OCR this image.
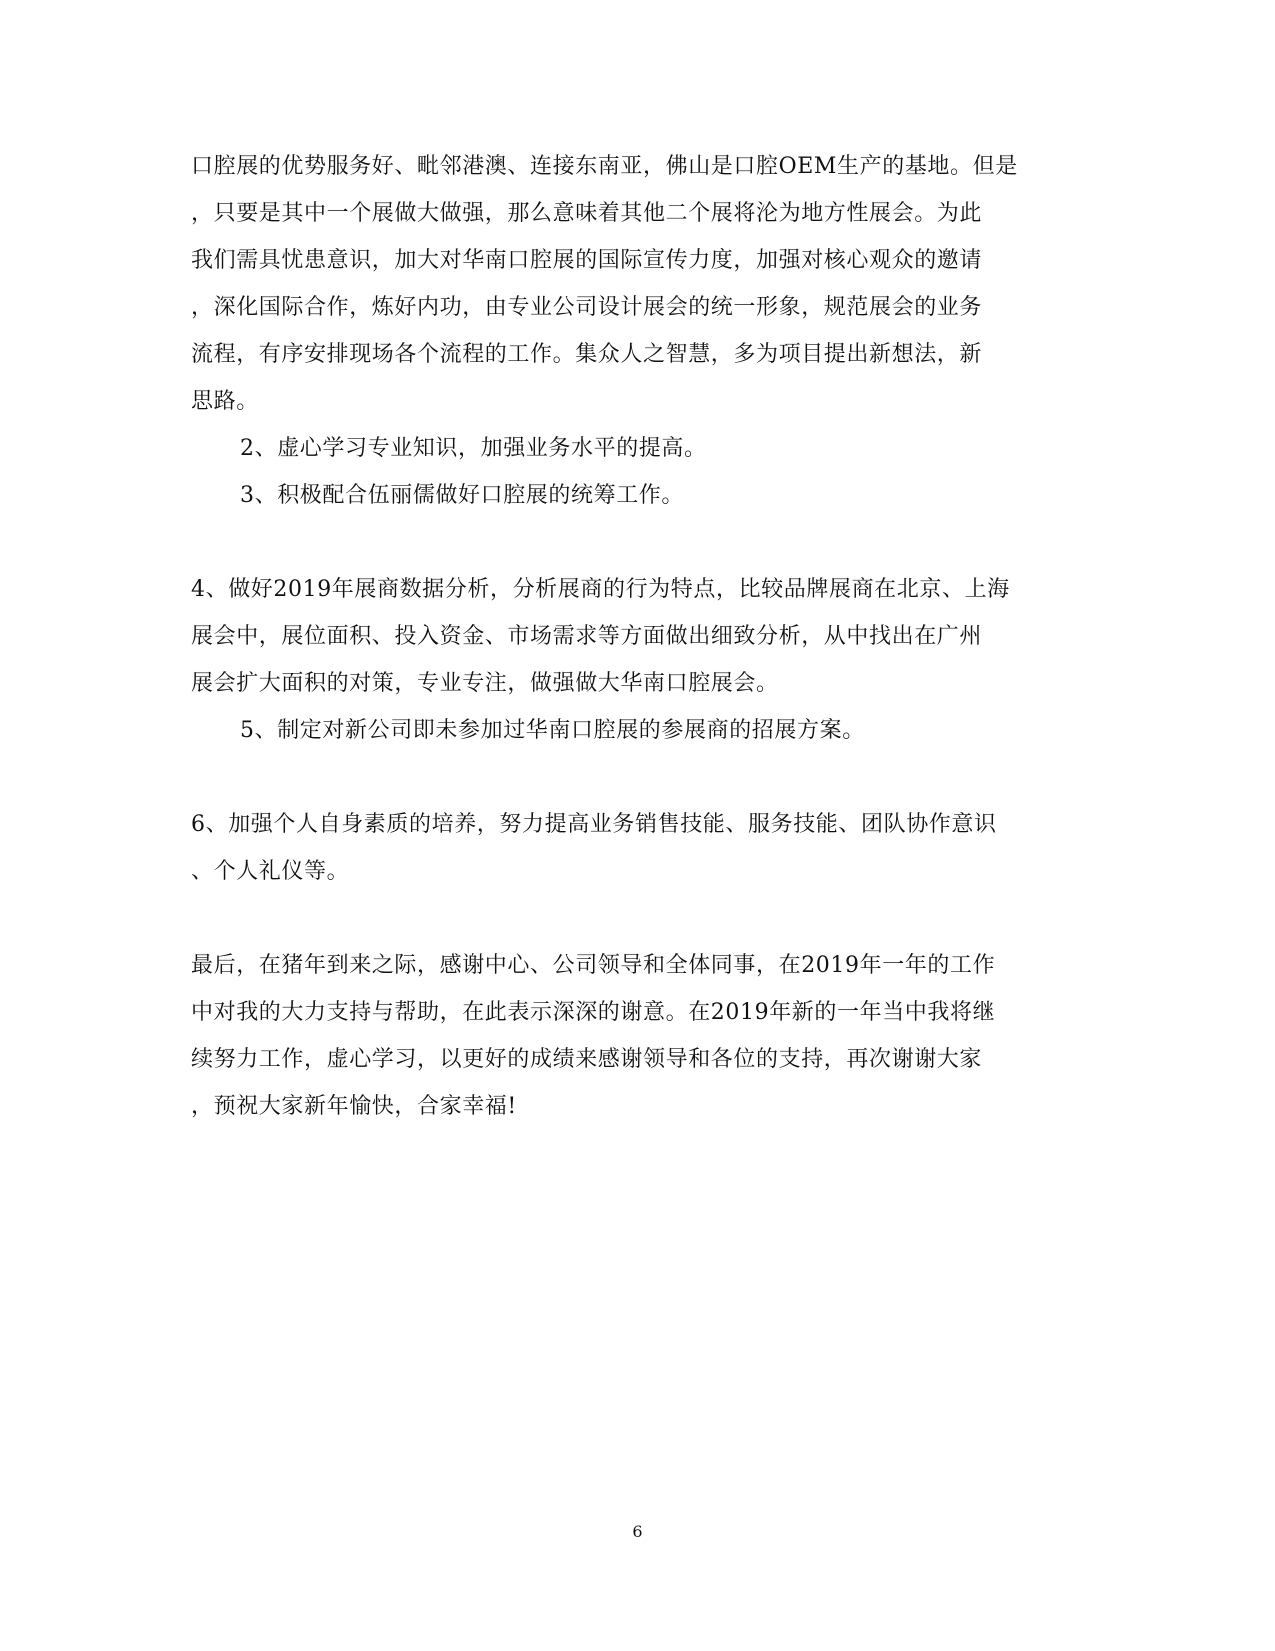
口腔展的优势服务好、毗邻港澳、连接东南亚，佛山是口腔OEM生产的基地。但是
，只要是其中一个展做大做强，那么意味着其他二个展将沦为地方性展会。为此
我们需具忧患意识，加大对华南口腔展的国际宣传力度，加强对核心观众的邀请
，深化国际合作，炼好内功，由专业公司设计展会的统一形象，规范展会的业务
流程，有序安排现场各个流程的工作。集众人之智慧，多为项目提出新想法，新
思路。
2、虚心学习专业知识，加强业务水平的提高。
3、积极配合伍丽儒做好口腔展的统筹工作。
4、做好2019年展商数据分析，分析展商的行为特点，比较品牌展商在北京、上海
展会中，展位面积、投入资金、市场需求等方面做出细致分析，从中找出在广州
展会扩大面积的对策，专业专注，做强做大华南口腔展会。
5、制定对新公司即未参加过华南口腔展的参展商的招展方案。
6、加强个人自身素质的培养，努力提高业务销售技能、服务技能、团队协作意识
、个人礼仪等。
最后，在猪年到来之际，感谢中心、公司领导和全体同事，在2019年一年的工作
中对我的大力支持与帮助，在此表示深深的谢意。在2019年新的一年当中我将继
续努力工作，虚心学习，以更好的成绩来感谢领导和各位的支持，再次谢谢大家
，预祝大家新年愉快，合家幸福!
6
